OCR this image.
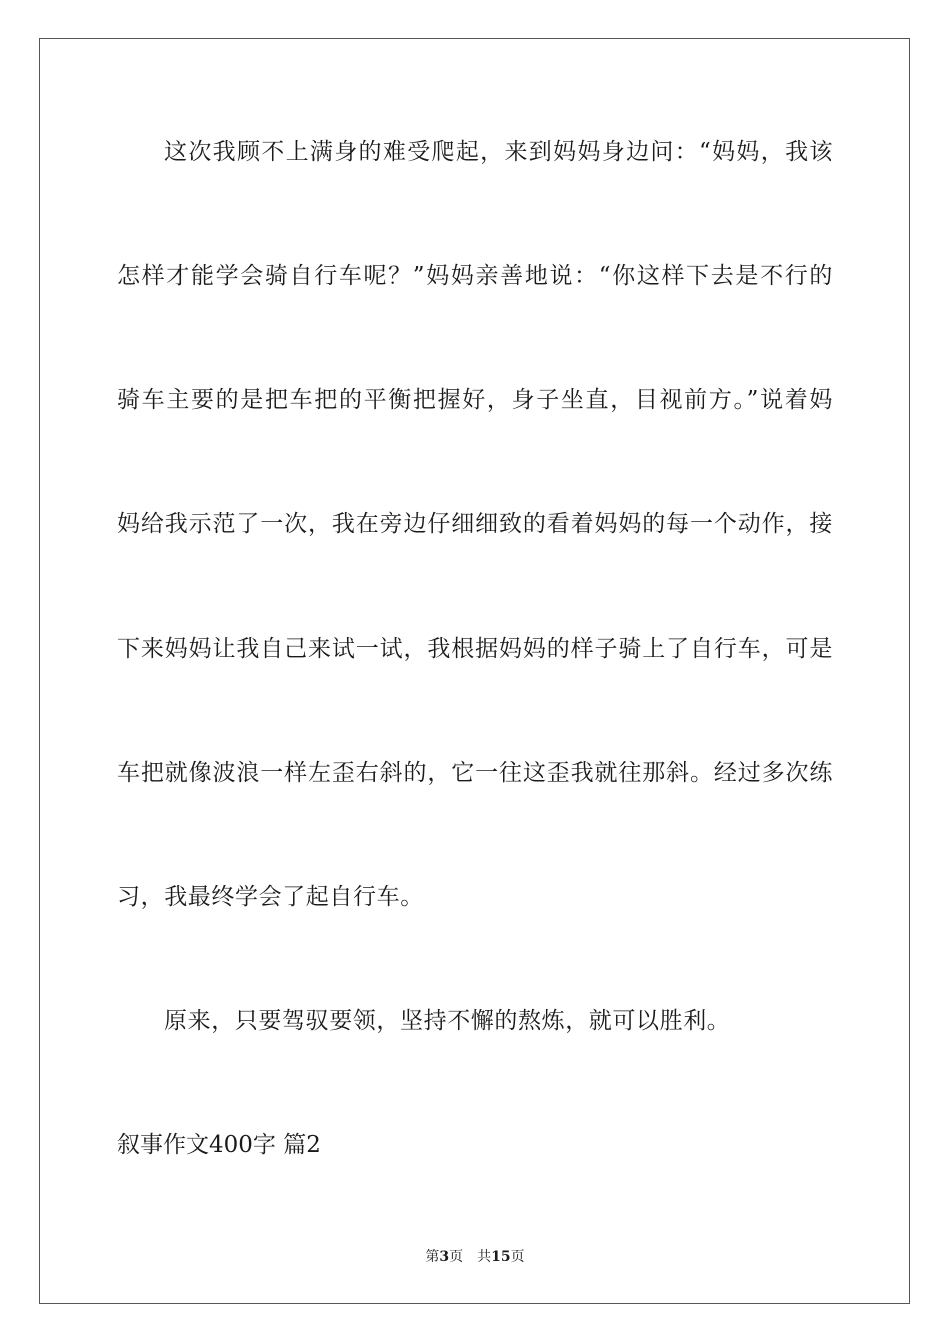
这次我顾不上满身的难受爬起，来到妈妈身边问：“妈妈，我该
怎样才能学会骑自行车呢？”妈妈亲善地说：“你这样下去是不行的
骑车主要的是把车把的平衡把握好，身子坐直，目视前方。”说着妈
妈给我示范了一次，我在旁边仔细细致的看着妈妈的每一个动作，接
下来妈妈让我自己来试一试，我根据妈妈的样子骑上了自行车，可是
车把就像波浪一样左歪右斜的，它一往这歪我就往那斜。经过多次练
习，我最终学会了起自行车。
原来，只要驾驭要领，坚持不懈的熬炼，就可以胜利。
叙事作文400字 篇2
第3页 共15页
